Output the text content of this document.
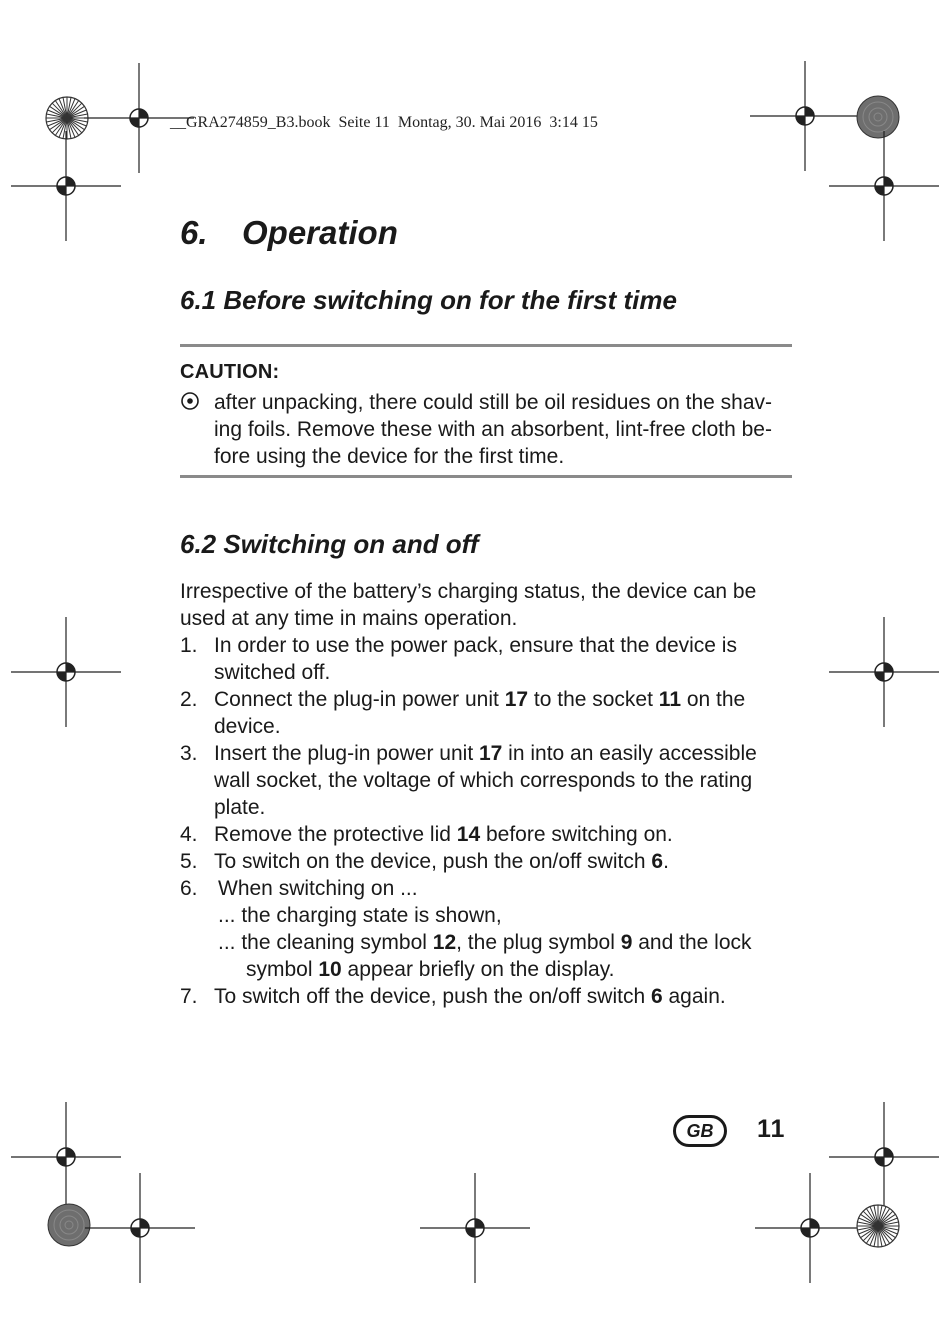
__GRA274859_B3.book  Seite 11  Montag, 30. Mai 2016  3:14 15
6. Operation
6.1 Before switching on for the first time
CAUTION:
after unpacking, there could still be oil residues on the shav-
ing foils. Remove these with an absorbent, lint-free cloth be-
fore using the device for the first time.
6.2 Switching on and off
Irrespective of the battery’s charging status, the device can be
used at any time in mains operation.
1. In order to use the power pack, ensure that the device is
switched off.
2. Connect the plug-in power unit 17 to the socket 11 on the
device.
3. Insert the plug-in power unit 17 in into an easily accessible
wall socket, the voltage of which corresponds to the rating
plate.
4. Remove the protective lid 14 before switching on.
5. To switch on the device, push the on/off switch 6.
6. When switching on ...
... the charging state is shown,
... the cleaning symbol 12, the plug symbol 9 and the lock
symbol 10 appear briefly on the display.
7. To switch off the device, push the on/off switch 6 again.
GB	11
